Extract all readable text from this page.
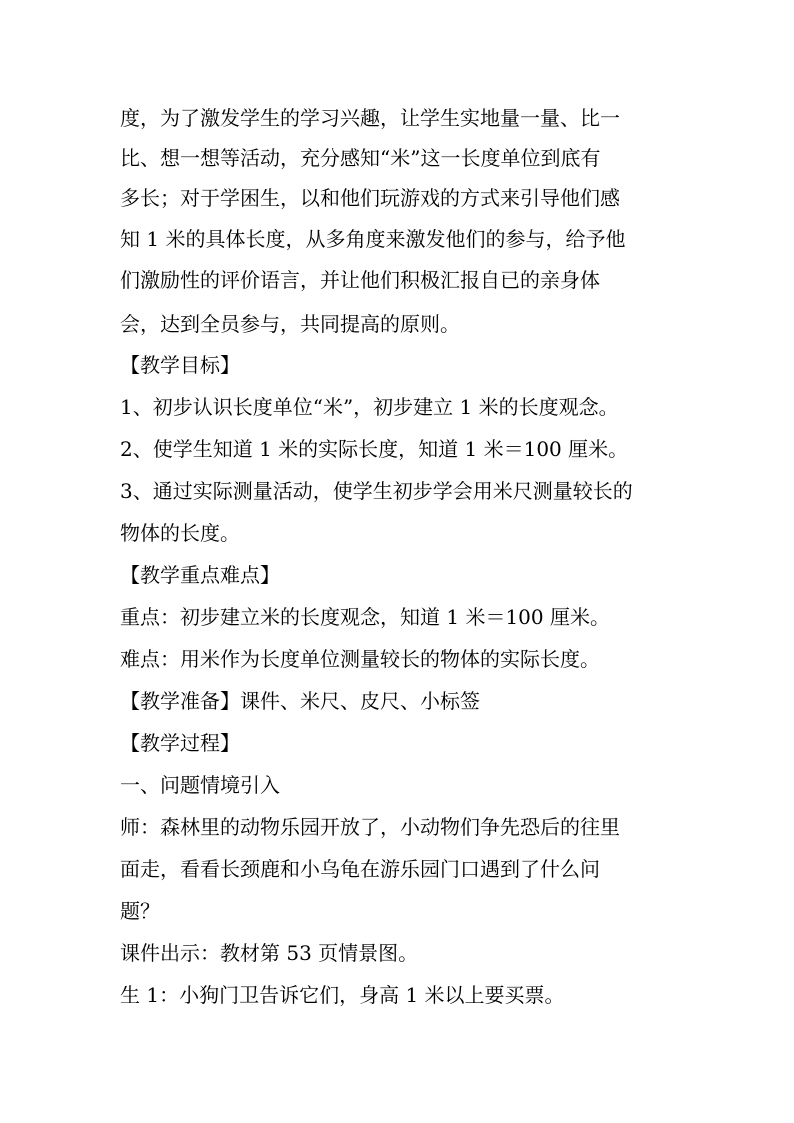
度，为了激发学生的学习兴趣，让学生实地量一量、比一
比、想一想等活动，充分感知“米”这一长度单位到底有
多长；对于学困生，以和他们玩游戏的方式来引导他们感
知 1 米的具体长度，从多角度来激发他们的参与，给予他
们激励性的评价语言，并让他们积极汇报自已的亲身体
会，达到全员参与，共同提高的原则。
【教学目标】
1、初步认识长度单位“米”，初步建立 1 米的长度观念。
2、使学生知道 1 米的实际长度，知道 1 米＝100 厘米。
3、通过实际测量活动，使学生初步学会用米尺测量较长的
物体的长度。
【教学重点难点】
重点：初步建立米的长度观念，知道 1 米＝100 厘米。
难点：用米作为长度单位测量较长的物体的实际长度。
【教学准备】课件、米尺、皮尺、小标签
【教学过程】
一、问题情境引入
师：森林里的动物乐园开放了，小动物们争先恐后的往里
面走，看看长颈鹿和小乌龟在游乐园门口遇到了什么问
题？
课件出示：教材第 53 页情景图。
生 1：小狗门卫告诉它们，身高 1 米以上要买票。
